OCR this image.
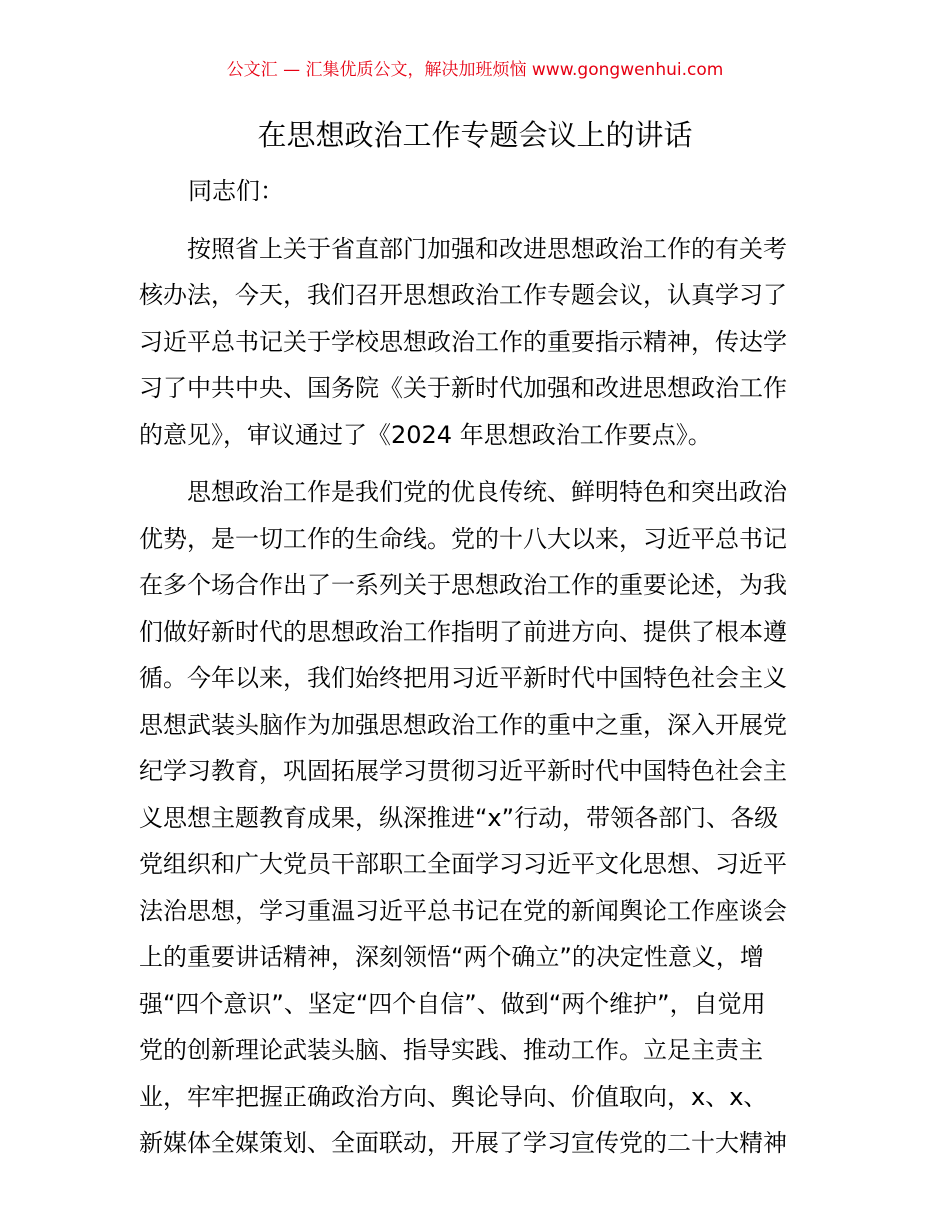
公文汇 — 汇集优质公文，解决加班烦恼 www.gongwenhui.com
在思想政治工作专题会议上的讲话
同志们：
　　按照省上关于省直部门加强和改进思想政治工作的有关考
核办法，今天，我们召开思想政治工作专题会议，认真学习了
习近平总书记关于学校思想政治工作的重要指示精神，传达学
习了中共中央、国务院《关于新时代加强和改进思想政治工作
的意见》，审议通过了《2024 年思想政治工作要点》。
　　思想政治工作是我们党的优良传统、鲜明特色和突出政治
优势，是一切工作的生命线。党的十八大以来，习近平总书记
在多个场合作出了一系列关于思想政治工作的重要论述，为我
们做好新时代的思想政治工作指明了前进方向、提供了根本遵
循。今年以来，我们始终把用习近平新时代中国特色社会主义
思想武装头脑作为加强思想政治工作的重中之重，深入开展党
纪学习教育，巩固拓展学习贯彻习近平新时代中国特色社会主
义思想主题教育成果，纵深推进“x”行动，带领各部门、各级
党组织和广大党员干部职工全面学习习近平文化思想、习近平
法治思想，学习重温习近平总书记在党的新闻舆论工作座谈会
上的重要讲话精神，深刻领悟“两个确立”的决定性意义，增
强“四个意识”、坚定“四个自信”、做到“两个维护”，自觉用
党的创新理论武装头脑、指导实践、推动工作。立足主责主
业，牢牢把握正确政治方向、舆论导向、价值取向，x、x、
新媒体全媒策划、全面联动，开展了学习宣传党的二十大精神
